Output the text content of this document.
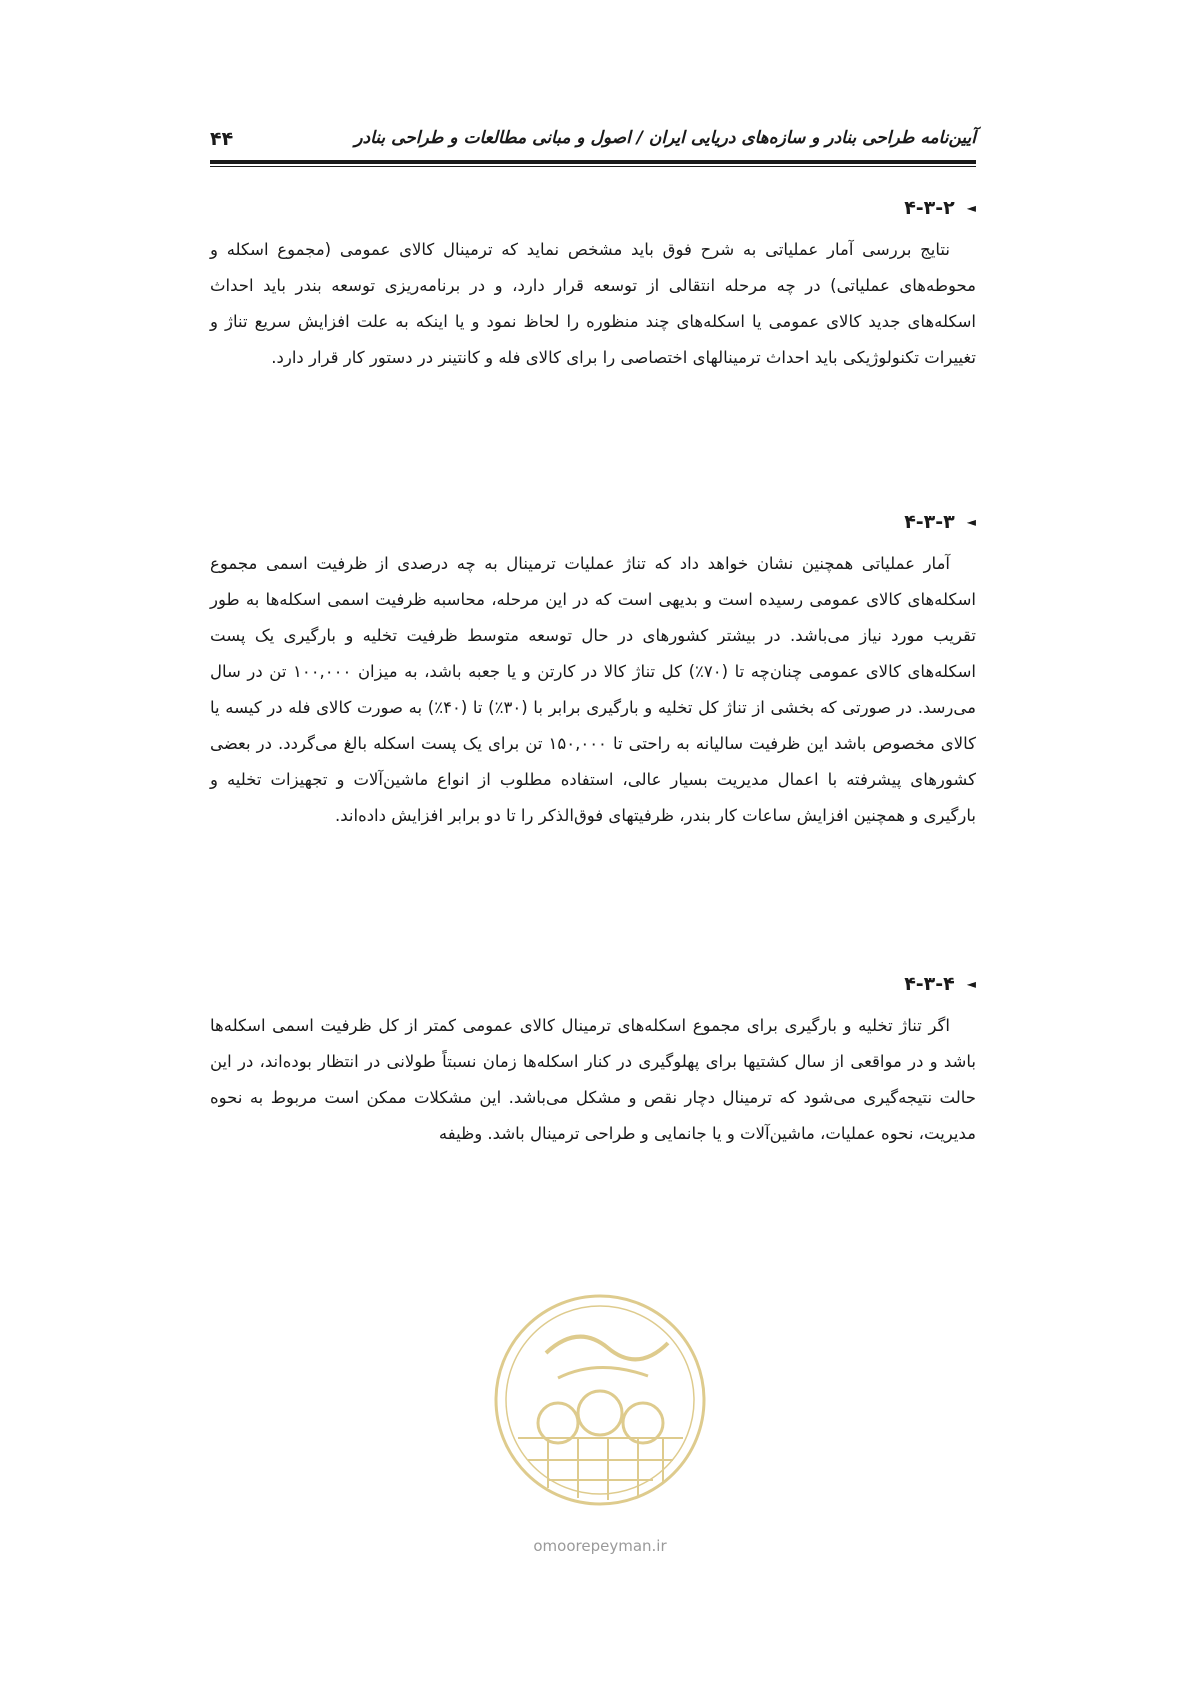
آیین‌نامه طراحی بنادر و سازه‌های دریایی ایران / اصول و مبانی مطالعات و طراحی بنادر
۴۴
◄
۴-۳-۲

نتایج بررسی آمار عملیاتی به شرح فوق باید مشخص نماید که ترمینال کالای عمومی (مجموع اسکله و محوطه‌های عملیاتی) در چه مرحله انتقالی از توسعه قرار دارد، و در برنامه‌ریزی توسعه بندر باید احداث اسکله‌های جدید کالای عمومی یا اسکله‌های چند منظوره را لحاظ نمود و یا اینکه به علت افزایش سریع تناژ و تغییرات تکنولوژیکی باید احداث ترمینالهای اختصاصی را برای کالای فله و کانتینر در دستور کار قرار دارد.

◄
۴-۳-۳

آمار عملیاتی همچنین نشان خواهد داد که تناژ عملیات ترمینال به چه درصدی از ظرفیت اسمی مجموع اسکله‌های کالای عمومی رسیده است و بدیهی است که در این مرحله، محاسبه ظرفیت اسمی اسکله‌ها به طور تقریب مورد نیاز می‌باشد. در بیشتر کشورهای در حال توسعه متوسط ظرفیت تخلیه و بارگیری یک پست اسکله‌های کالای عمومی چنان‌چه تا (۷۰٪) کل تناژ کالا در کارتن و یا جعبه باشد، به میزان ۱۰۰,۰۰۰ تن در سال می‌رسد. در صورتی که بخشی از تناژ کل تخلیه و بارگیری برابر با (۳۰٪) تا (۴۰٪) به صورت کالای فله در کیسه یا کالای مخصوص باشد این ظرفیت سالیانه به راحتی تا ۱۵۰,۰۰۰ تن برای یک پست اسکله بالغ می‌گردد. در بعضی کشورهای پیشرفته با اعمال مدیریت بسیار عالی، استفاده مطلوب از انواع ماشین‌آلات و تجهیزات تخلیه و بارگیری و همچنین افزایش ساعات کار بندر، ظرفیتهای فوق‌الذکر را تا دو برابر افزایش داده‌اند.

◄
۴-۳-۴

اگر تناژ تخلیه و بارگیری برای مجموع اسکله‌های ترمینال کالای عمومی کمتر از کل ظرفیت اسمی اسکله‌ها باشد و در مواقعی از سال کشتیها برای پهلوگیری در کنار اسکله‌ها زمان نسبتاً طولانی در انتظار بوده‌اند، در این حالت نتیجه‌گیری می‌شود که ترمینال دچار نقص و مشکل می‌باشد. این مشکلات ممکن است مربوط به نحوه مدیریت، نحوه عملیات، ماشین‌آلات و یا جانمایی و طراحی ترمینال باشد. وظیفه

omoorepeyman.ir
